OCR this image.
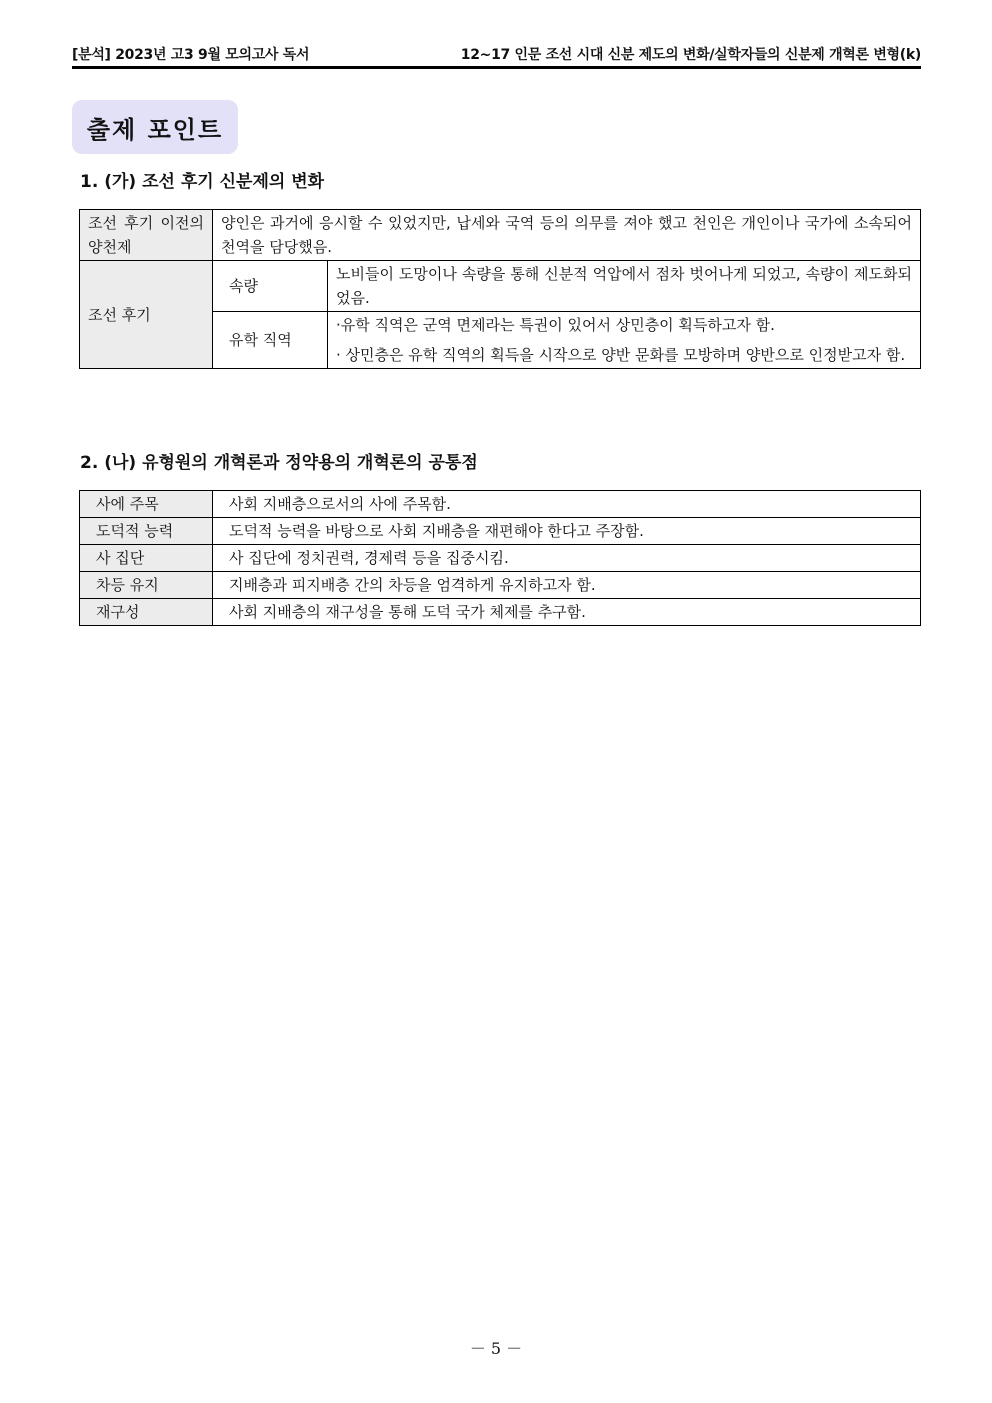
[분석] 2023년 고3 9월 모의고사 독서	12~17 인문 조선 시대 신분 제도의 변화/실학자들의 신분제 개혁론 변형(k)
출제 포인트
1. (가) 조선 후기 신분제의 변화
조선 후기 이전의 양천제	양인은 과거에 응시할 수 있었지만, 납세와 국역 등의 의무를 져야 했고 천인은 개인이나 국가에 소속되어 천역을 담당했음.	
조선 후기	속량	노비들이 도망이나 속량을 통해 신분적 억압에서 점차 벗어나게 되었고, 속량이 제도화되었음.
	유학 직역	·유학 직역은 군역 면제라는 특권이 있어서 상민층이 획득하고자 함.
· 상민층은 유학 직역의 획득을 시작으로 양반 문화를 모방하며 양반으로 인정받고자 함.
2. (나) 유형원의 개혁론과 정약용의 개혁론의 공통점
사에 주목	사회 지배층으로서의 사에 주목함.
도덕적 능력	도덕적 능력을 바탕으로 사회 지배층을 재편해야 한다고 주장함.
사 집단	사 집단에 정치권력, 경제력 등을 집중시킴.
차등 유지	지배층과 피지배층 간의 차등을 엄격하게 유지하고자 함.
재구성	사회 지배층의 재구성을 통해 도덕 국가 체제를 추구함.
－ 5 －
